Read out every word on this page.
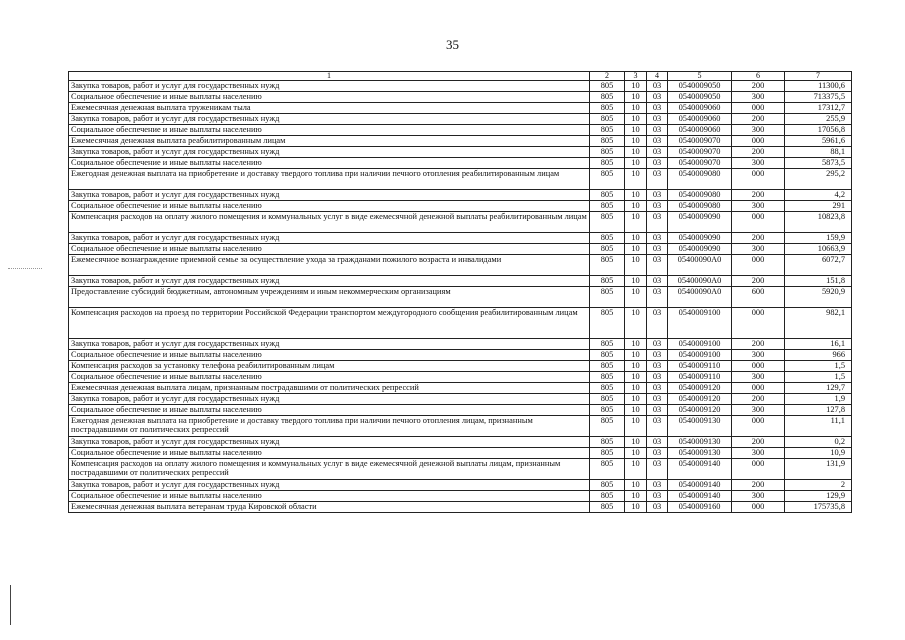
35
1	2	3	4	5	6	7
Закупка товаров, работ и услуг для государственных нужд	805	10	03	0540009050	200	11300,6
Социальное обеспечение и иные выплаты населению	805	10	03	0540009050	300	713375,5
Ежемесячная денежная выплата труженикам тыла	805	10	03	0540009060	000	17312,7
Закупка товаров, работ и услуг для государственных нужд	805	10	03	0540009060	200	255,9
Социальное обеспечение и иные выплаты населению	805	10	03	0540009060	300	17056,8
Ежемесячная денежная выплата реабилитированным лицам	805	10	03	0540009070	000	5961,6
Закупка товаров, работ и услуг для государственных нужд	805	10	03	0540009070	200	88,1
Социальное обеспечение и иные выплаты населению	805	10	03	0540009070	300	5873,5
Ежегодная денежная выплата на приобретение и доставку твердого топлива при наличии печного отопления реабилитированным лицам	805	10	03	0540009080	000	295,2
Закупка товаров, работ и услуг для государственных нужд	805	10	03	0540009080	200	4,2
Социальное обеспечение и иные выплаты населению	805	10	03	0540009080	300	291
Компенсация расходов на оплату жилого помещения и коммунальных услуг в виде ежемесячной денежной выплаты реабилитированным лицам	805	10	03	0540009090	000	10823,8
Закупка товаров, работ и услуг для государственных нужд	805	10	03	0540009090	200	159,9
Социальное обеспечение и иные выплаты населению	805	10	03	0540009090	300	10663,9
Ежемесячное вознаграждение приемной семье за осуществление ухода за гражданами пожилого возраста и инвалидами	805	10	03	05400090А0	000	6072,7
Закупка товаров, работ и услуг для государственных нужд	805	10	03	05400090А0	200	151,8
Предоставление субсидий бюджетным, автономным учреждениям и иным некоммерческим организациям	805	10	03	05400090А0	600	5920,9
Компенсация расходов на проезд по территории Российской Федерации транспортом междугородного сообщения реабилитированным лицам	805	10	03	0540009100	000	982,1
Закупка товаров, работ и услуг для государственных нужд	805	10	03	0540009100	200	16,1
Социальное обеспечение и иные выплаты населению	805	10	03	0540009100	300	966
Компенсация расходов за установку телефона реабилитированным лицам	805	10	03	0540009110	000	1,5
Социальное обеспечение и иные выплаты населению	805	10	03	0540009110	300	1,5
Ежемесячная денежная выплата лицам, признанным пострадавшими от политических репрессий	805	10	03	0540009120	000	129,7
Закупка товаров, работ и услуг для государственных нужд	805	10	03	0540009120	200	1,9
Социальное обеспечение и иные выплаты населению	805	10	03	0540009120	300	127,8
Ежегодная денежная выплата на приобретение и доставку твердого топлива при наличии печного отопления лицам, признанным пострадавшими от политических репрессий	805	10	03	0540009130	000	11,1
Закупка товаров, работ и услуг для государственных нужд	805	10	03	0540009130	200	0,2
Социальное обеспечение и иные выплаты населению	805	10	03	0540009130	300	10,9
Компенсация расходов на оплату жилого помещения и коммунальных услуг в виде ежемесячной денежной выплаты лицам, признанным пострадавшими от политических репрессий	805	10	03	0540009140	000	131,9
Закупка товаров, работ и услуг для государственных нужд	805	10	03	0540009140	200	2
Социальное обеспечение и иные выплаты населению	805	10	03	0540009140	300	129,9
Ежемесячная денежная выплата ветеранам труда Кировской области	805	10	03	0540009160	000	175735,8
